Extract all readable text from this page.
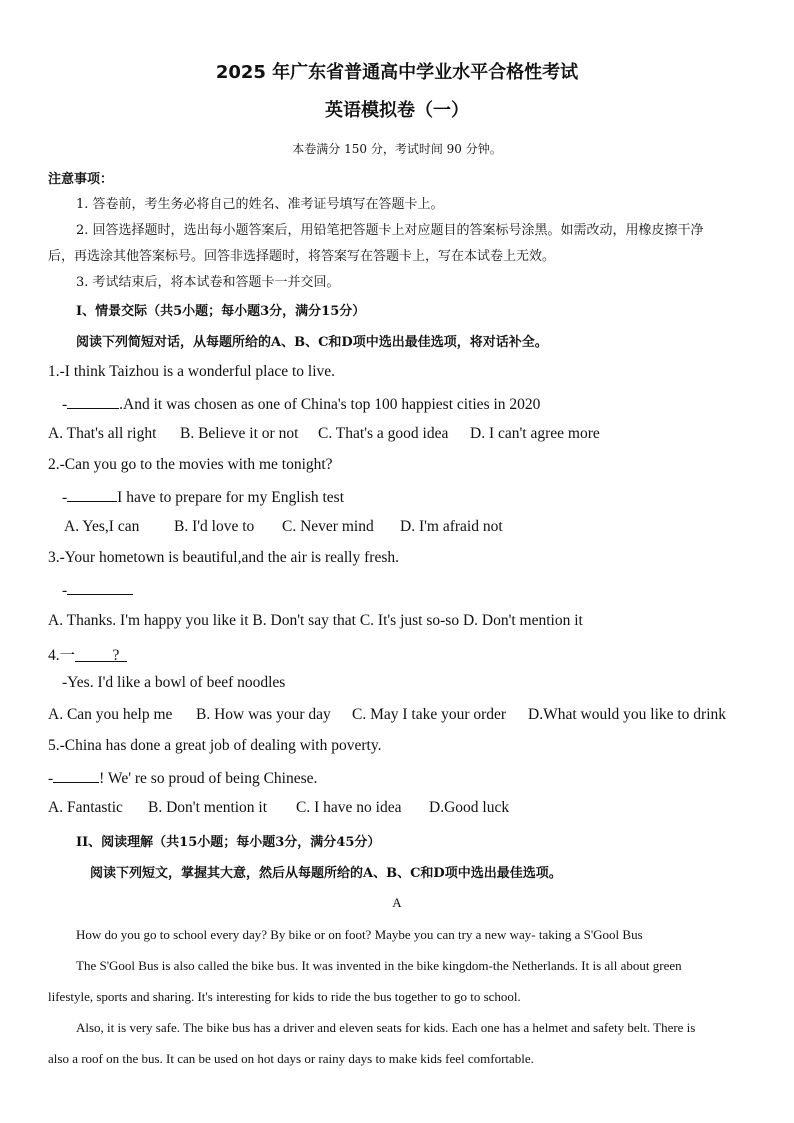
2025 年广东省普通高中学业水平合格性考试

英语模拟卷（一）

本卷满分 150 分，考试时间 90 分钟。

注意事项：

1. 答卷前，考生务必将自己的姓名、准考证号填写在答题卡上。

2. 回答选择题时，选出每小题答案后，用铅笔把答题卡上对应题目的答案标号涂黑。如需改动，用橡皮擦干净

后，再选涂其他答案标号。回答非选择题时，将答案写在答题卡上，写在本试卷上无效。

3. 考试结束后，将本试卷和答题卡一并交回。

I、情景交际（共5小题；每小题3分，满分15分）

阅读下列简短对话，从每题所给的A、B、C和D项中选出最佳选项，将对话补全。

1.-I think Taizhou is a wonderful place to live.

-	.And it was chosen as one of China's top 100 happiest cities in 2020

A. That's all right B. Believe it or not C. That's a good idea D. I can't agree more

2.-Can you go to the movies with me tonight?

-	I have to prepare for my English test

A. Yes,I can B. I'd love to C. Never mind D. I'm afraid not

3.-Your hometown is beautiful,and the air is really fresh.

-

A. Thanks. I'm happy you like it B. Don't say that C. It's just so-so D. Don't mention it

4.一 ?

-Yes. I'd like a bowl of beef noodles

A. Can you help me B. How was your day C. May I take your order D.What would you like to drink

5.-China has done a great job of dealing with poverty.

-	! We' re so proud of being Chinese.

A. Fantastic B. Don't mention it C. I have no idea D.Good luck

II、阅读理解（共15小题；每小题3分，满分45分）

阅读下列短文，掌握其大意，然后从每题所给的A、B、C和D项中选出最佳选项。

A

How do you go to school every day? By bike or on foot? Maybe you can try a new way- taking a S'Gool Bus

The S'Gool Bus is also called the bike bus. It was invented in the bike kingdom-the Netherlands. It is all about green

lifestyle, sports and sharing. It's interesting for kids to ride the bus together to go to school.

Also, it is very safe. The bike bus has a driver and eleven seats for kids. Each one has a helmet and safety belt. There is

also a roof on the bus. It can be used on hot days or rainy days to make kids feel comfortable.
